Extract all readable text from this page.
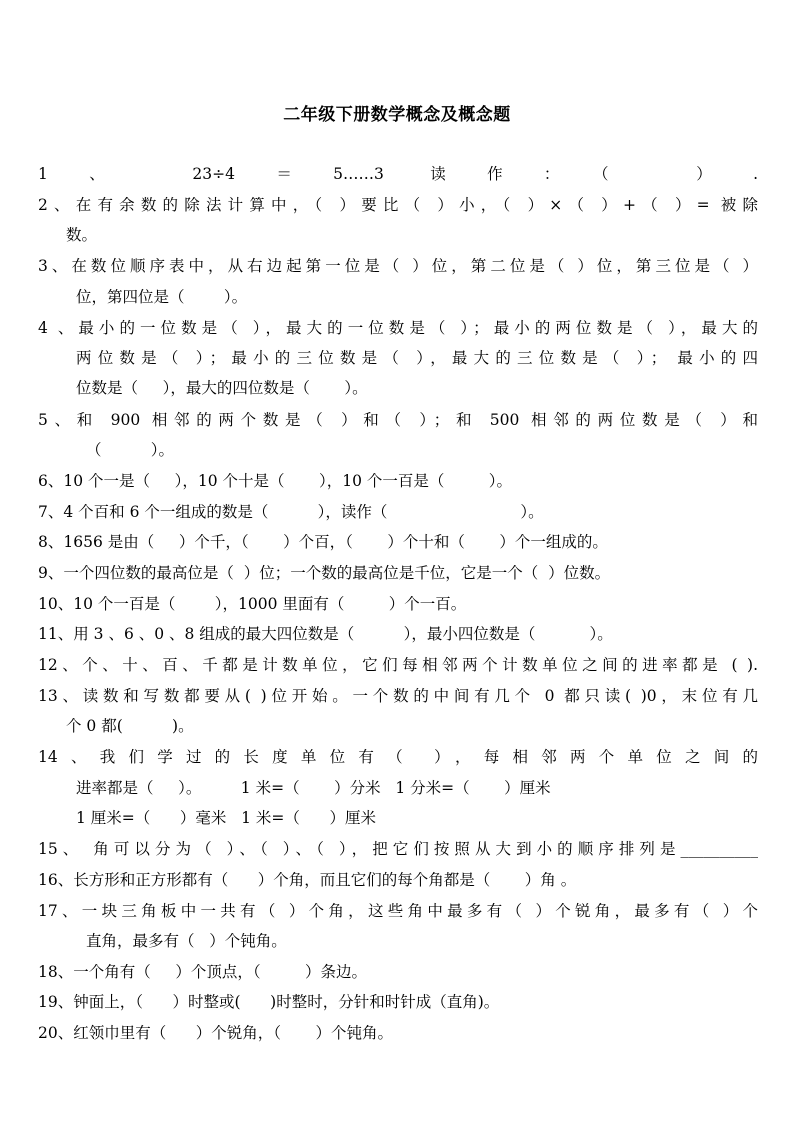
二年级下册数学概念及概念题
1、 23÷4＝5……3 读作：（ ）.
2、在有余数的除法计算中，（ ）要比（ ）小，（ ）×（ ）+（ ）= 被除
数。
3、在数位顺序表中，从右边起第一位是（ ）位，第二位是（ ）位，第三位是（ ）
位，第四位是（        ）。
4 、最小的一位数是（ ），最大的一位数是（ ）；最小的两位数是（ ），最大的
两位数是（ ）；最小的三位数是（ ），最大的三位数是（ ）； 最小的四
位数是（     ），最大的四位数是（       ）。
5、和 900 相邻的两个数是（ ）和（ ）；和 500 相邻的两位数是（ ）和
（          ）。
6、10 个一是（     ），10 个十是（       ），10 个一百是（         ）。
7、4 个百和 6 个一组成的数是（          ），读作（                           ）。
8、1656 是由（     ）个千，（       ）个百，（       ）个十和（       ）个一组成的。
9、一个四位数的最高位是（  ）位；一个数的最高位是千位，它是一个（  ）位数。
10、10 个一百是（        ），1000 里面有（         ）个一百。
11、用 3 、6 、0 、8 组成的最大四位数是（          ），最小四位数是（           ）。
12、个、十、百、千都是计数单位，它们每相邻两个计数单位之间的进率都是 ( ).
13、读数和写数都要从( )位开始。一个数的中间有几个 0 都只读( )0，末位有几
个 0 都(          )。
14、我们学过的长度单位有（ ），每相邻两个单位之间的
进率都是（     ）。        1 米=（       ）分米   1 分米=（       ）厘米
1 厘米=（      ）毫米   1 米=（      ）厘米
15、 角可以分为（ ）、（ ）、（ ），把它们按照从大到小的顺序排列是__________
16、长方形和正方形都有（      ）个角，而且它们的每个角都是（       ）角 。
17、一块三角板中一共有（ ）个角，这些角中最多有（ ）个锐角，最多有（ ）个
直角，最多有（   ）个钝角。
18、一个角有（     ）个顶点，（         ）条边。
19、钟面上，（      ）时整或(      )时整时，分针和时针成（直角)。
20、红领巾里有（      ）个锐角，（       ）个钝角。
